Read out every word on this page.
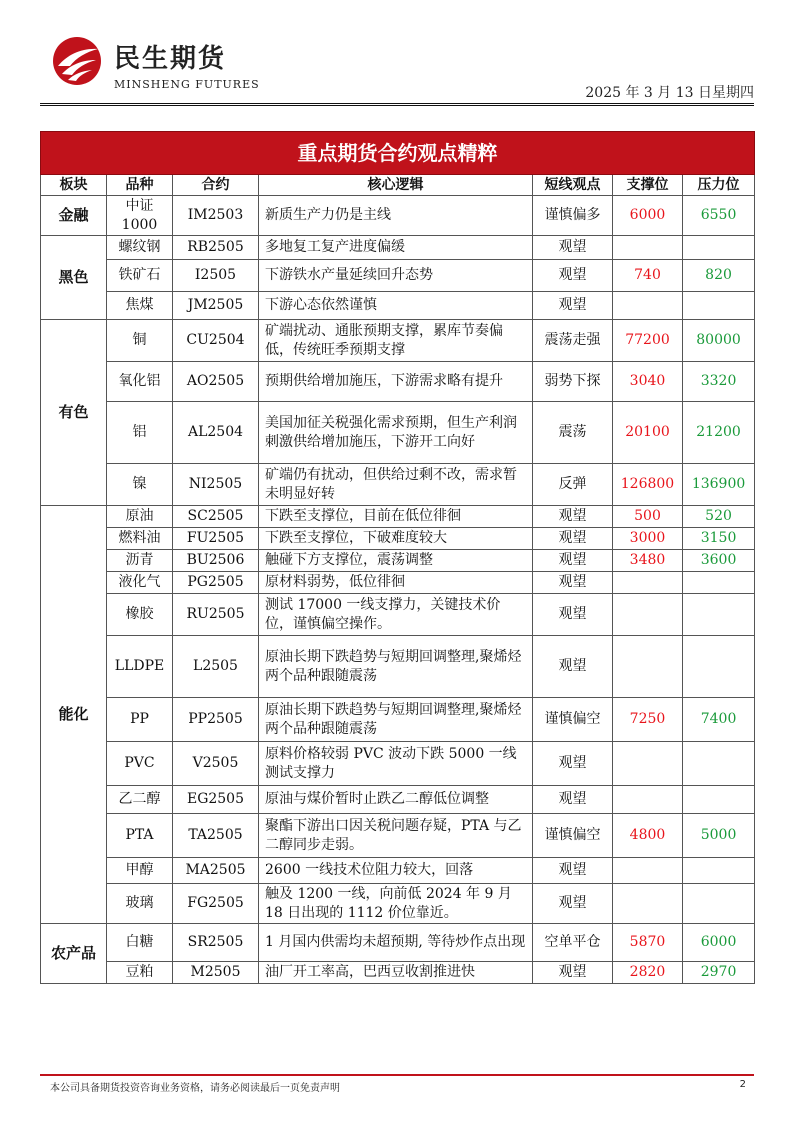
民生期货
MINSHENG FUTURES
2025 年 3 月 13 日星期四
重点期货合约观点精粹						
板块	品种	合约	核心逻辑	短线观点	支撑位	压力位
金融	中证 1000	IM2503	新质生产力仍是主线	谨慎偏多	6000	6550
黑色	螺纹钢	RB2505	多地复工复产进度偏缓	观望		
	铁矿石	I2505	下游铁水产量延续回升态势	观望	740	820
	焦煤	JM2505	下游心态依然谨慎	观望		
有色	铜	CU2504	矿端扰动、通胀预期支撑，累库节奏偏低，传统旺季预期支撑	震荡走强	77200	80000
	氧化铝	AO2505	预期供给增加施压，下游需求略有提升	弱势下探	3040	3320
	铝	AL2504	美国加征关税强化需求预期，但生产利润刺激供给增加施压，下游开工向好	震荡	20100	21200
	镍	NI2505	矿端仍有扰动，但供给过剩不改，需求暂未明显好转	反弹	126800	136900
能化	原油	SC2505	下跌至支撑位，目前在低位徘徊	观望	500	520
	燃料油	FU2505	下跌至支撑位，下破难度较大	观望	3000	3150
	沥青	BU2506	触碰下方支撑位，震荡调整	观望	3480	3600
	液化气	PG2505	原材料弱势，低位徘徊	观望		
	橡胶	RU2505	测试 17000 一线支撑力，关键技术价位，谨慎偏空操作。	观望		
	LLDPE	L2505	原油长期下跌趋势与短期回调整理,聚烯烃两个品种跟随震荡	观望		
	PP	PP2505	原油长期下跌趋势与短期回调整理,聚烯烃两个品种跟随震荡	谨慎偏空	7250	7400
	PVC	V2505	原料价格较弱 PVC 波动下跌 5000 一线测试支撑力	观望		
	乙二醇	EG2505	原油与煤价暂时止跌乙二醇低位调整	观望		
	PTA	TA2505	聚酯下游出口因关税问题存疑，PTA 与乙二醇同步走弱。	谨慎偏空	4800	5000
	甲醇	MA2505	2600 一线技术位阻力较大，回落	观望		
	玻璃	FG2505	触及 1200 一线，向前低 2024 年 9 月 18 日出现的 1112 价位靠近。	观望		
农产品	白糖	SR2505	1 月国内供需均未超预期, 等待炒作点出现	空单平仓	5870	6000
	豆粕	M2505	油厂开工率高，巴西豆收割推进快	观望	2820	2970
本公司具备期货投资咨询业务资格，请务必阅读最后一页免责声明	2
